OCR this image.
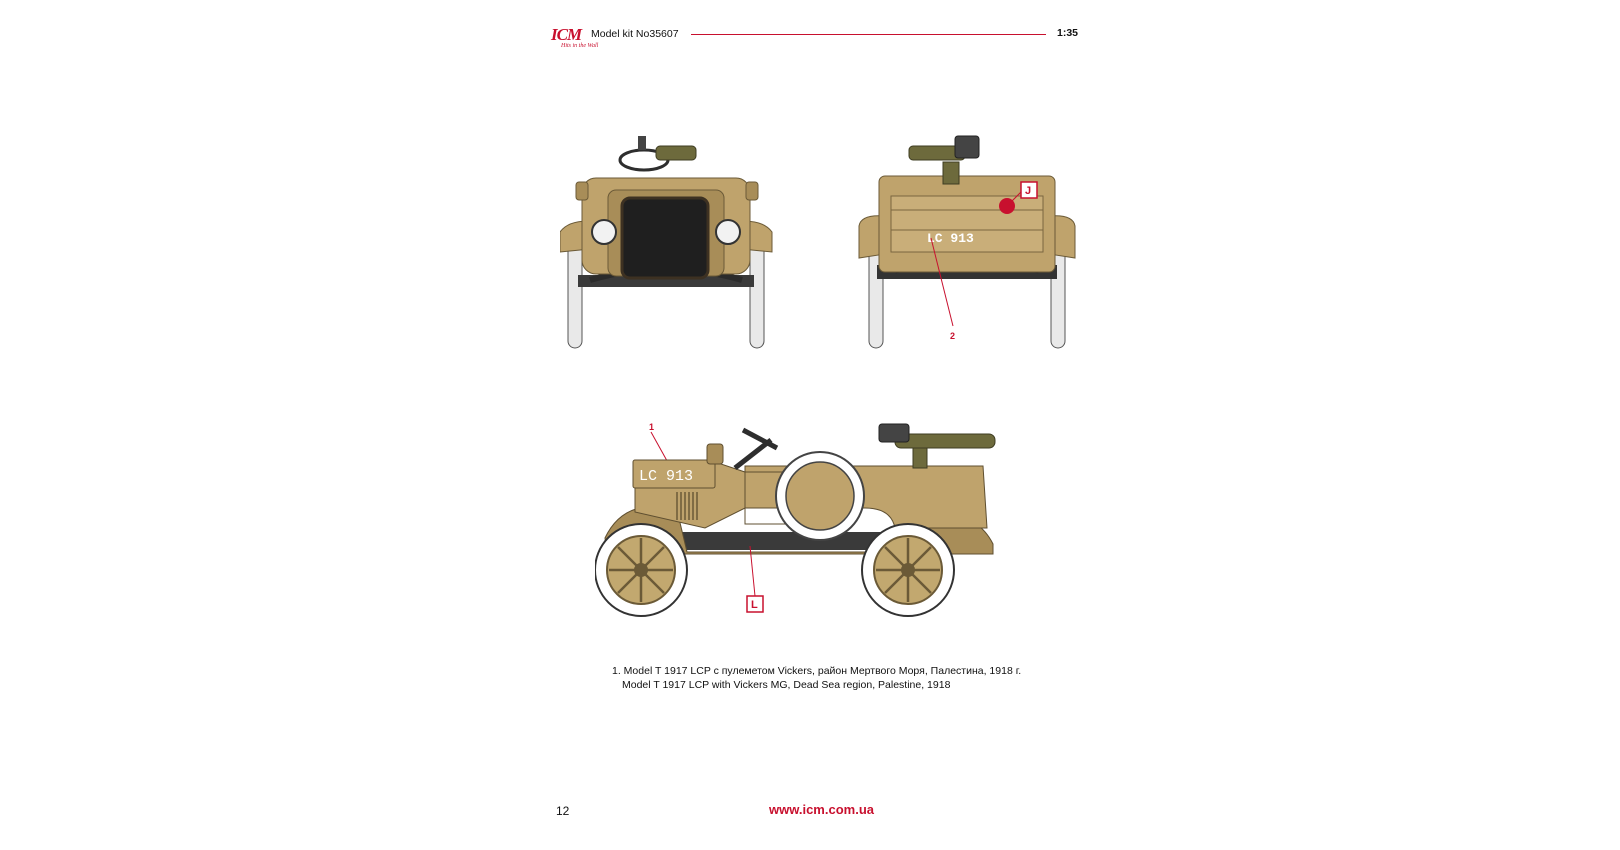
ICM
Hits in the Wall
Model kit No35607	1:35
LC 913
J
2
1
LC 913
L
1. Model T 1917 LCP с пулеметом Vickers, район Мертвого Моря, Палестина, 1918 г.
Model T 1917 LCP with Vickers MG, Dead Sea region, Palestine, 1918
12	www.icm.com.ua
